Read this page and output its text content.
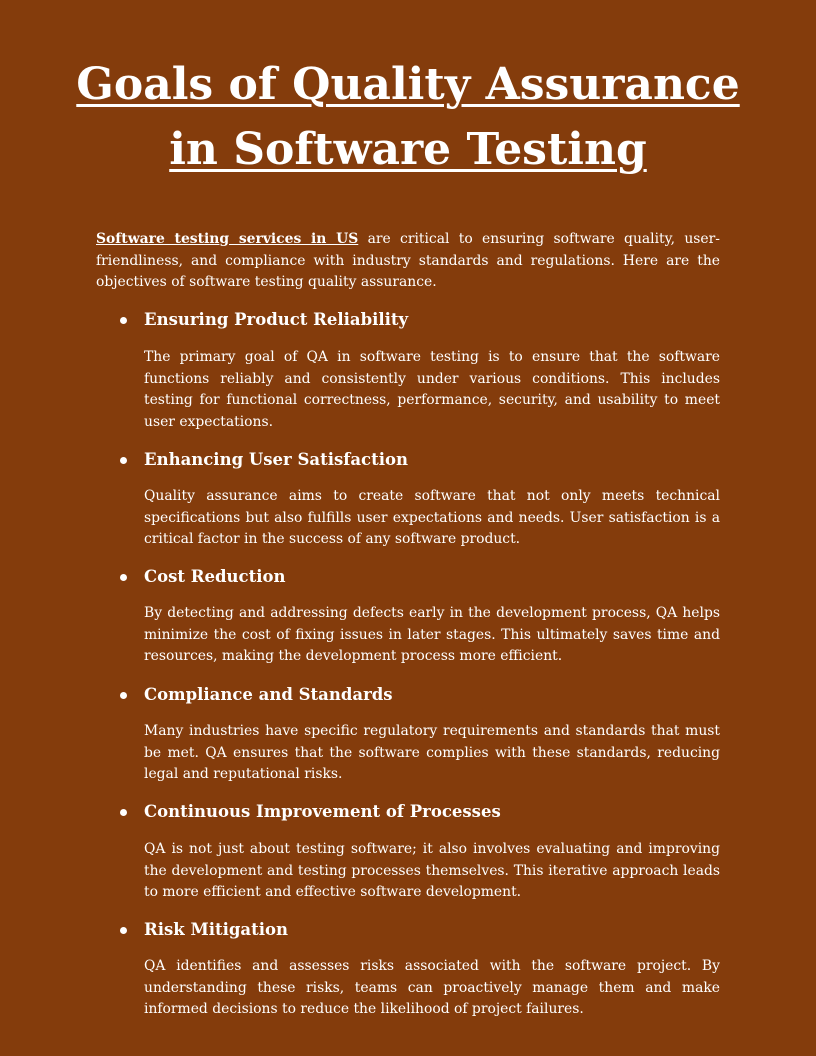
Goals of Quality Assurance
in Software Testing

Software testing services in US are critical to ensuring software quality, user-friendliness, and compliance with industry standards and regulations. Here are the objectives of software testing quality assurance.

Ensuring Product Reliability

The primary goal of QA in software testing is to ensure that the software functions reliably and consistently under various conditions. This includes testing for functional correctness, performance, security, and usability to meet user expectations.

Enhancing User Satisfaction

Quality assurance aims to create software that not only meets technical specifications but also fulfills user expectations and needs. User satisfaction is a critical factor in the success of any software product.

Cost Reduction

By detecting and addressing defects early in the development process, QA helps minimize the cost of fixing issues in later stages. This ultimately saves time and resources, making the development process more efficient.

Compliance and Standards

Many industries have specific regulatory requirements and standards that must be met. QA ensures that the software complies with these standards, reducing legal and reputational risks.

Continuous Improvement of Processes

QA is not just about testing software; it also involves evaluating and improving the development and testing processes themselves. This iterative approach leads to more efficient and effective software development.

Risk Mitigation

QA identifies and assesses risks associated with the software project. By understanding these risks, teams can proactively manage them and make informed decisions to reduce the likelihood of project failures.
